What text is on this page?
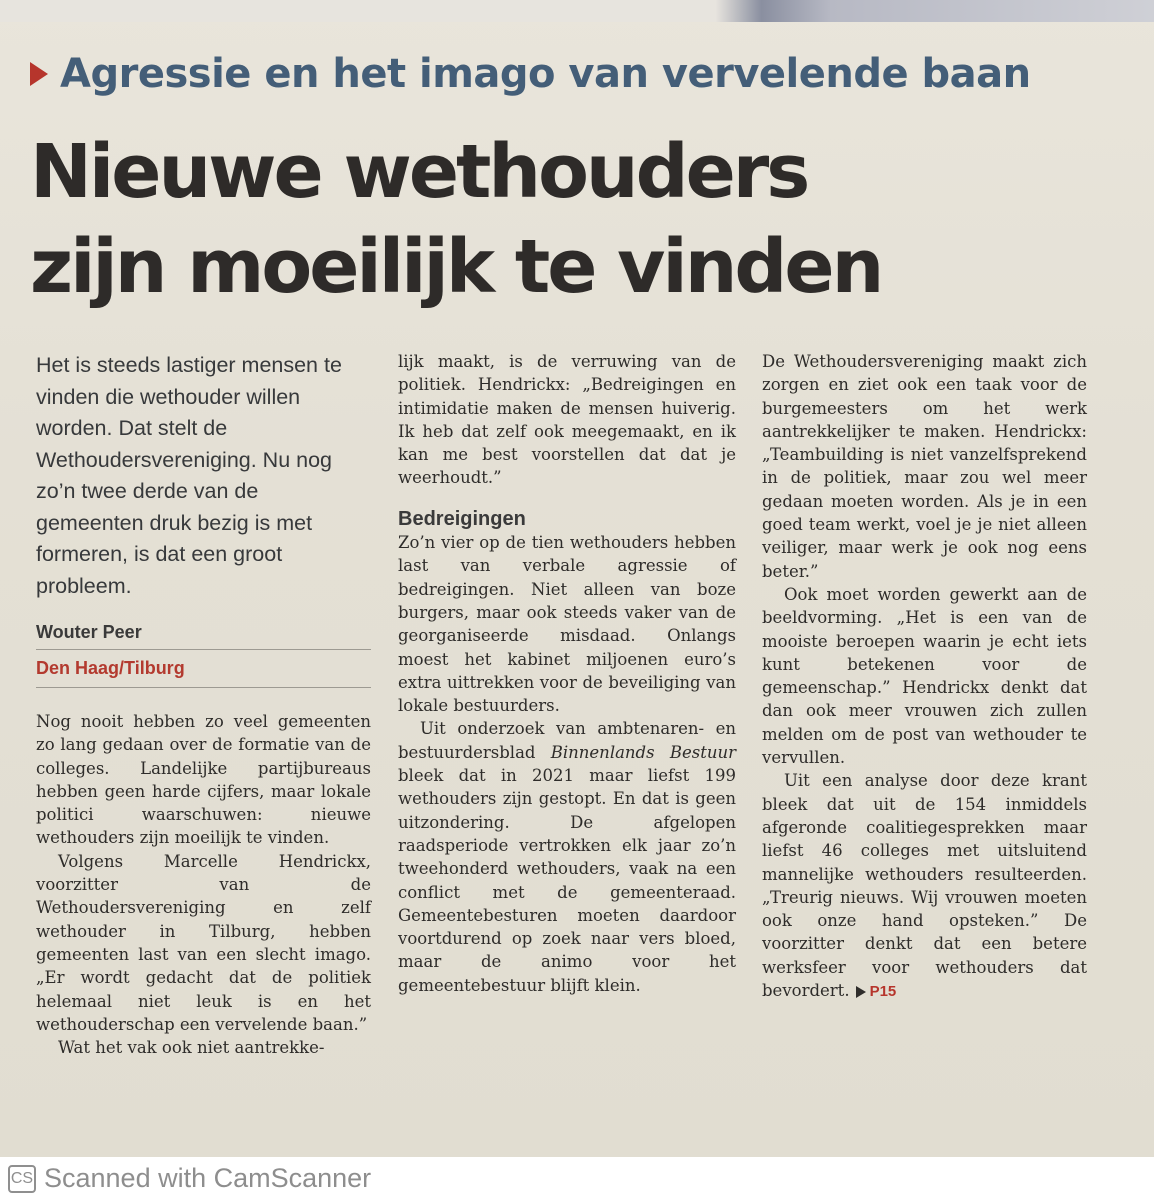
Agressie en het imago van vervelende baan
Nieuwe wethouders
zijn moeilijk te vinden
Het is steeds lastiger mensen te vinden die wethouder willen worden. Dat stelt de Wethoudersvereniging. Nu nog zo’n twee derde van de gemeenten druk bezig is met formeren, is dat een groot probleem.
Wouter Peer
Den Haag/Tilburg

Nog nooit hebben zo veel gemeenten zo lang gedaan over de formatie van de colleges. Landelijke partijbureaus hebben geen harde cijfers, maar lokale politici waarschuwen: nieuwe wethouders zijn moeilijk te vinden.

Volgens Marcelle Hendrickx, voorzitter van de Wethoudersvereniging en zelf wethouder in Tilburg, hebben gemeenten last van een slecht imago. „Er wordt gedacht dat de politiek helemaal niet leuk is en het wethouderschap een vervelende baan.”

Wat het vak ook niet aantrekke-

lijk maakt, is de verruwing van de politiek. Hendrickx: „Bedreigingen en intimidatie maken de mensen huiverig. Ik heb dat zelf ook meegemaakt, en ik kan me best voorstellen dat dat je weerhoudt.”

Bedreigingen

Zo’n vier op de tien wethouders hebben last van verbale agressie of bedreigingen. Niet alleen van boze burgers, maar ook steeds vaker van de georganiseerde misdaad. Onlangs moest het kabinet miljoenen euro’s extra uittrekken voor de beveiliging van lokale bestuurders.

Uit onderzoek van ambtenaren- en bestuurdersblad Binnenlands Bestuur bleek dat in 2021 maar liefst 199 wethouders zijn gestopt. En dat is geen uitzondering. De afgelopen raadsperiode vertrokken elk jaar zo’n tweehonderd wethouders, vaak na een conflict met de gemeenteraad. Gemeentebesturen moeten daardoor voortdurend op zoek naar vers bloed, maar de animo voor het gemeentebestuur blijft klein.

De Wethoudersvereniging maakt zich zorgen en ziet ook een taak voor de burgemeesters om het werk aantrekkelijker te maken. Hendrickx: „Teambuilding is niet vanzelfsprekend in de politiek, maar zou wel meer gedaan moeten worden. Als je in een goed team werkt, voel je je niet alleen veiliger, maar werk je ook nog eens beter.”

Ook moet worden gewerkt aan de beeldvorming. „Het is een van de mooiste beroepen waarin je echt iets kunt betekenen voor de gemeenschap.” Hendrickx denkt dat dan ook meer vrouwen zich zullen melden om de post van wethouder te vervullen.

Uit een analyse door deze krant bleek dat uit de 154 inmiddels afgeronde coalitiegesprekken maar liefst 46 colleges met uitsluitend mannelijke wethouders resulteerden. „Treurig nieuws. Wij vrouwen moeten ook onze hand opsteken.” De voorzitter denkt dat een betere werksfeer voor wethouders dat bevordert. P15

CS Scanned with CamScanner
